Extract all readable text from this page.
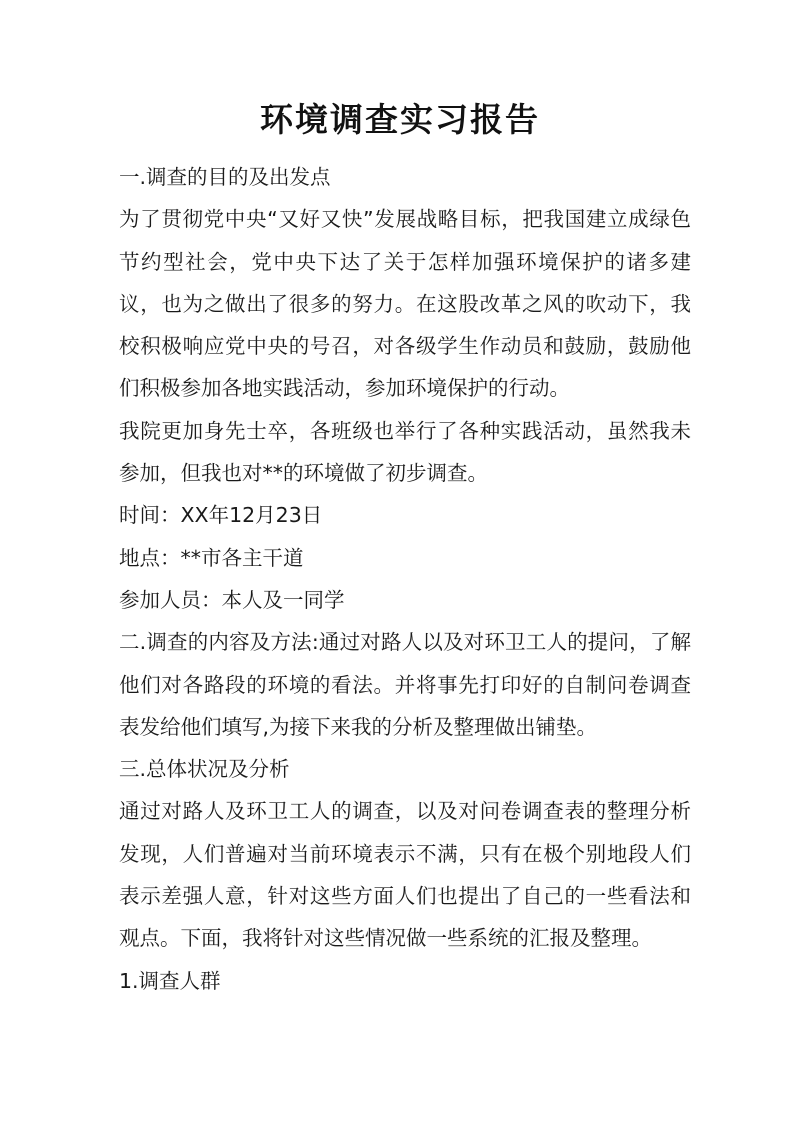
环境调查实习报告

一.调查的目的及出发点

为了贯彻党中央“又好又快”发展战略目标，把我国建立成绿色节约型社会，党中央下达了关于怎样加强环境保护的诸多建议，也为之做出了很多的努力。在这股改革之风的吹动下，我校积极响应党中央的号召，对各级学生作动员和鼓励，鼓励他们积极参加各地实践活动，参加环境保护的行动。

我院更加身先士卒，各班级也举行了各种实践活动，虽然我未参加，但我也对**的环境做了初步调查。

时间：XX年12月23日

地点：**市各主干道

参加人员：本人及一同学

二.调查的内容及方法:通过对路人以及对环卫工人的提问，了解他们对各路段的环境的看法。并将事先打印好的自制问卷调查表发给他们填写,为接下来我的分析及整理做出铺垫。

三.总体状况及分析

通过对路人及环卫工人的调查，以及对问卷调查表的整理分析发现，人们普遍对当前环境表示不满，只有在极个别地段人们表示差强人意，针对这些方面人们也提出了自己的一些看法和观点。下面，我将针对这些情况做一些系统的汇报及整理。

1.调查人群
